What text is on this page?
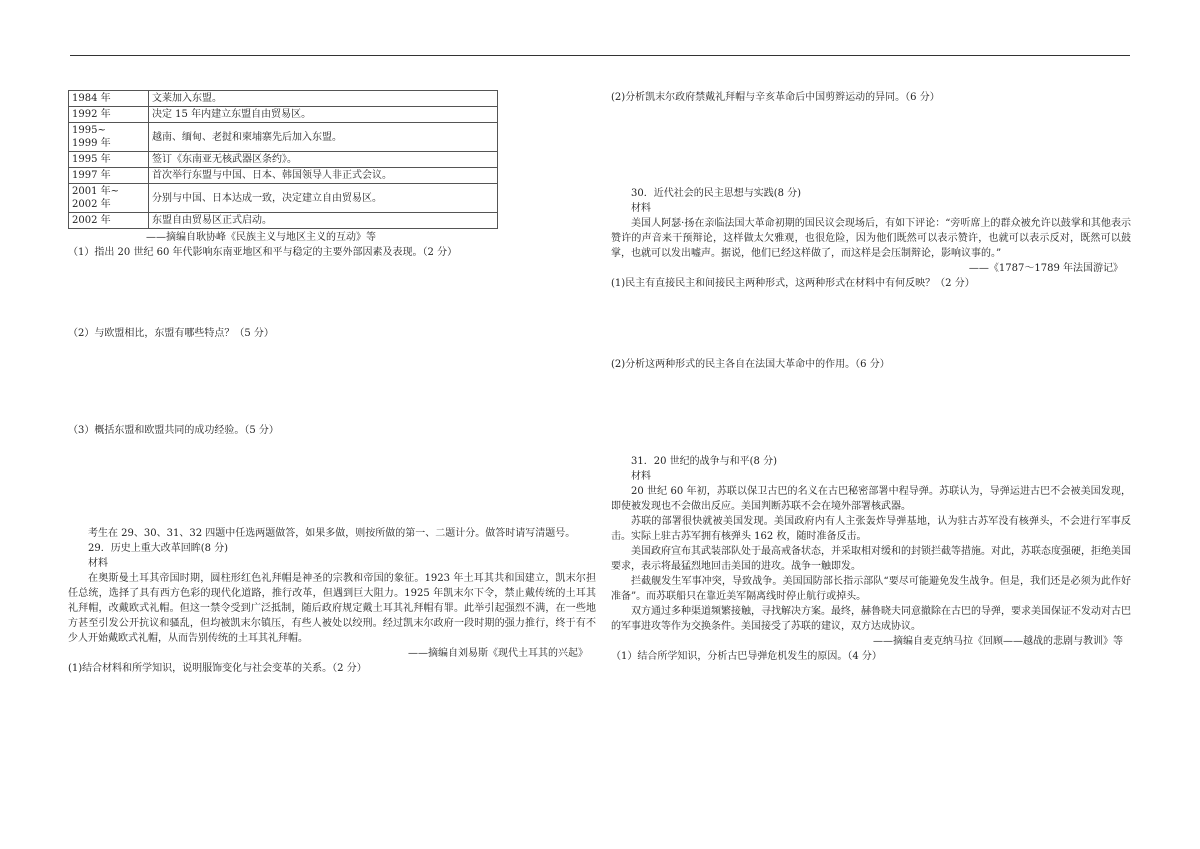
1984 年	文莱加入东盟。
1992 年	决定 15 年内建立东盟自由贸易区。
1995~
1999 年	越南、缅甸、老挝和柬埔寨先后加入东盟。
1995 年	签订《东南亚无核武器区条约》。
1997 年	首次举行东盟与中国、日本、韩国领导人非正式会议。
2001 年~
2002 年	分别与中国、日本达成一致，决定建立自由贸易区。
2002 年	东盟自由贸易区正式启动。
——摘编自耿协峰《民族主义与地区主义的互动》等

（1）指出 20 世纪 60 年代影响东南亚地区和平与稳定的主要外部因素及表现。（2 分）

（2）与欧盟相比，东盟有哪些特点？（5 分）

（3）概括东盟和欧盟共同的成功经验。（5 分）

考生在 29、30、31、32 四题中任选两题做答，如果多做，则按所做的第一、二题计分。做答时请写清题号。

29．历史上重大改革回眸(8 分)

材料

在奥斯曼土耳其帝国时期，圆柱形红色礼拜帽是神圣的宗教和帝国的象征。1923 年土耳其共和国建立，凯末尔担任总统，选择了具有西方色彩的现代化道路，推行改革，但遇到巨大阻力。1925 年凯末尔下令，禁止戴传统的土耳其礼拜帽，改戴欧式礼帽。但这一禁令受到广泛抵制，随后政府规定戴土耳其礼拜帽有罪。此举引起强烈不满，在一些地方甚至引发公开抗议和骚乱，但均被凯末尔镇压，有些人被处以绞刑。经过凯末尔政府一段时期的强力推行，终于有不少人开始戴欧式礼帽，从而告别传统的土耳其礼拜帽。

——摘编自刘易斯《现代土耳其的兴起》

(1)结合材料和所学知识，说明服饰变化与社会变革的关系。（2 分）

(2)分析凯末尔政府禁戴礼拜帽与辛亥革命后中国剪辫运动的异同。（6 分）

30．近代社会的民主思想与实践(8 分)

材料

美国人阿瑟·扬在亲临法国大革命初期的国民议会现场后，有如下评论：“旁听席上的群众被允许以鼓掌和其他表示赞许的声音来干预辩论，这样做太欠雅观，也很危险，因为他们既然可以表示赞许，也就可以表示反对，既然可以鼓掌，也就可以发出嘘声。据说，他们已经这样做了，而这样是会压制辩论，影响议事的。”

——《1787～1789 年法国游记》

(1)民主有直接民主和间接民主两种形式，这两种形式在材料中有何反映？（2 分）

(2)分析这两种形式的民主各自在法国大革命中的作用。（6 分）

31．20 世纪的战争与和平(8 分)

材料

20 世纪 60 年初，苏联以保卫古巴的名义在古巴秘密部署中程导弹。苏联认为，导弹运进古巴不会被美国发现，即使被发现也不会做出反应。美国判断苏联不会在境外部署核武器。

苏联的部署很快就被美国发现。美国政府内有人主张轰炸导弹基地，认为驻古苏军没有核弹头，不会进行军事反击。实际上驻古苏军拥有核弹头 162 枚，随时准备反击。

美国政府宣布其武装部队处于最高戒备状态，并采取相对缓和的封锁拦截等措施。对此，苏联态度强硬，拒绝美国要求，表示将最猛烈地回击美国的进攻。战争一触即发。

拦截舰发生军事冲突，导致战争。美国国防部长指示部队“要尽可能避免发生战争。但是，我们还是必须为此作好准备”。而苏联船只在靠近美军隔离线时停止航行或掉头。

双方通过多种渠道频繁接触，寻找解决方案。最终，赫鲁晓夫同意撤除在古巴的导弹，要求美国保证不发动对古巴的军事进攻等作为交换条件。美国接受了苏联的建议，双方达成协议。

——摘编自麦克纳马拉《回顾——越战的悲剧与教训》等

（1）结合所学知识，分析古巴导弹危机发生的原因。（4 分）
